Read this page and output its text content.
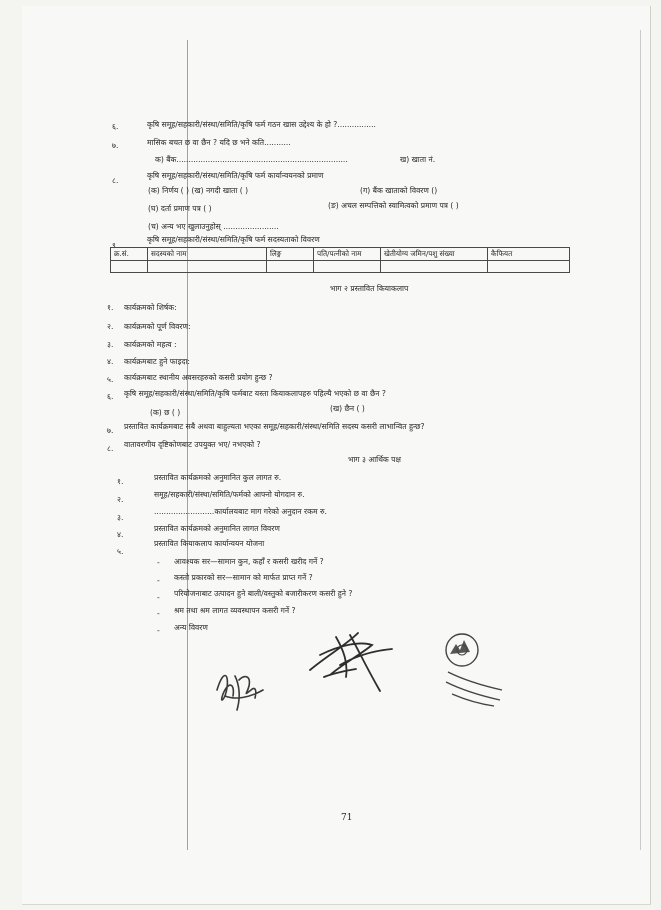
६.	कृषि समूह/सहकारी/संस्था/समिति/कृषि फर्म गठन खास उद्देश्य के हो ?................
७.	मासिक बचत छ वा छैन ? यदि छ भने कति...........
क) बैंक.......................................................................	ख) खाता नं.
८.
कृषि समूह/सहकारी/संस्था/समिति/कृषि फर्म कार्यान्वयनको प्रमाण
(क) निर्णय ( ) (ख) नगदी खाता ( )	(ग) बैंक खाताको विवरण ()
(घ) दर्ता प्रमाण पत्र ( )	(ङ) अचल सम्पत्तिको स्वामित्वको प्रमाण पत्र ( )
(च) अन्य भए खुलाउनुहोस् .......................
९.
कृषि समूह/सहकारी/संस्था/समिति/कृषि फर्म सदस्यताको विवरण
क्र.सं.	सदस्यको नाम	लिङ्ग	पति/पत्नीको नाम	खेतीयोग्य जमिन/पशु संख्या	कैफियत

भाग २ प्रस्तावित कियाकलाप
१. कार्यक्रमको शिर्षक:
२. कार्यक्रमको पूर्ण विवरण:
३. कार्यक्रमको महत्व :
४. कार्यक्रमबाट हुने फाइदा:
५. कार्यक्रमबाट स्थानीय अवसरहरुको कसरी प्रयोग हुन्छ ?
६. कृषि समूह/सहकारी/संस्था/समिति/कृषि फर्मबाट यस्ता कियाकलापहरु पहिल्यै भएको छ वा छैन ?
(क) छ ( )	(ख) छैन ( )
७. प्रस्तावित कार्यक्रमबाट सबै अथवा बाहुल्यता भएका समूह/सहकारी/संस्था/समिति सदस्य कसरी लाभान्वित हुन्छ?
८. वातावरणीय दृष्टिकोणबाट उपयुक्त भए/ नभएको ?
भाग ३ आर्थिक पक्ष
१.	प्रस्तावित कार्यक्रमको अनुमानित कुल लागत रु.
२.
समूह/सहकारी/संस्था/समिति/फर्मको आफ्नो योगदान रु.
३.
.........................कार्यालयबाट माग गरेको अनुदान रकम रु.
४.
प्रस्तावित कार्यक्रमको अनुमानित लागत विवरण
५.
प्रस्तावित कियाकलाप कार्यान्वयन योजना
- आवश्यक सर—सामान कुन, कहाँ र कसरी खरीद गर्ने ?
- कस्तो प्रकारको सर—सामान को मार्फत प्राप्त गर्ने ?
- परियोजनाबाट उत्पादन हुने बाली/वस्तुको बजारीकरण कसरी हुने ?
- श्रम तथा श्रम लागत व्यवस्थापन कसरी गर्ने ?
- अन्य विवरण
71
